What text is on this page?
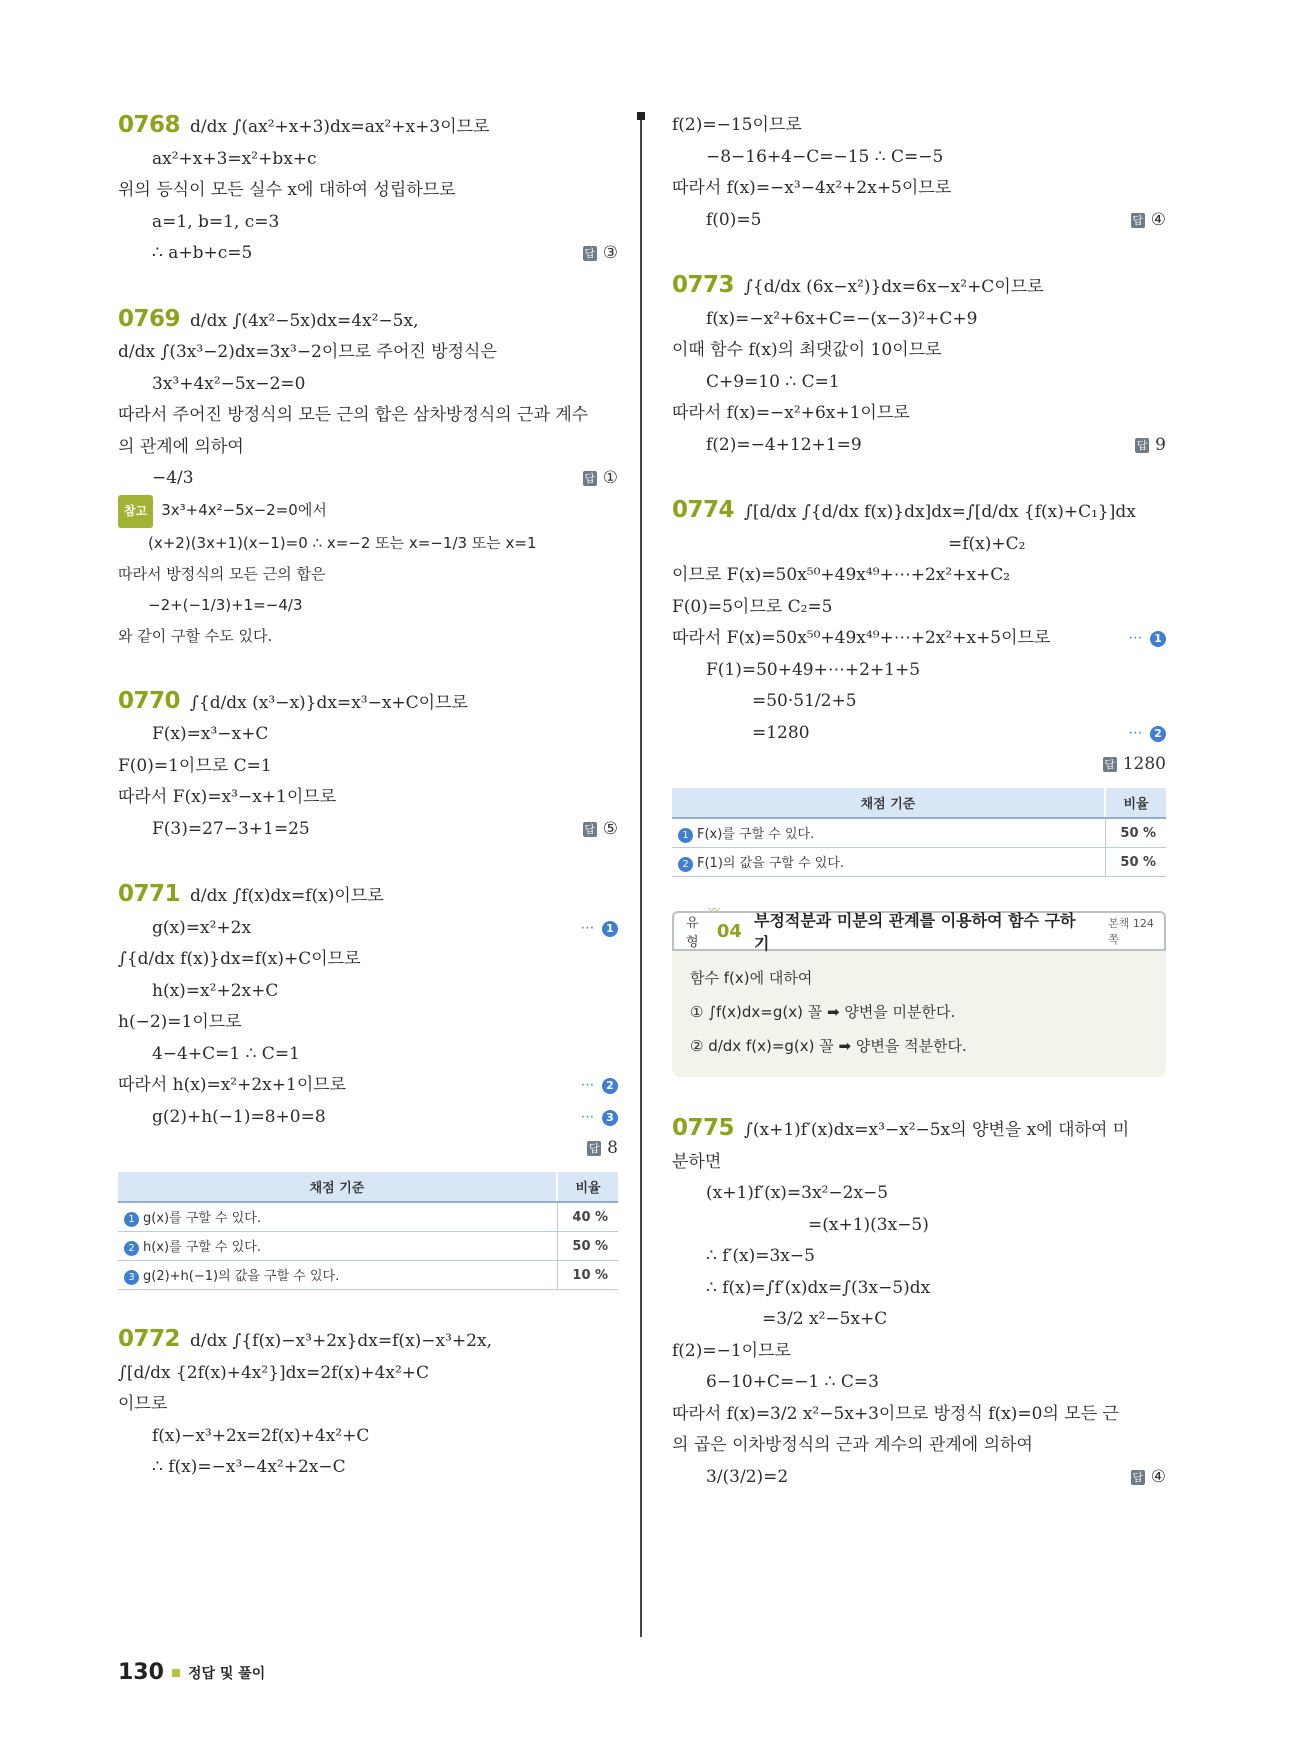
0768 d/dx ∫(ax²+x+3)dx=ax²+x+3이므로
ax²+x+3=x²+bx+c
위의 등식이 모든 실수 x에 대하여 성립하므로
a=1, b=1, c=3
∴ a+b+c=5	답 ③
0769 d/dx ∫(4x²−5x)dx=4x²−5x,
d/dx ∫(3x³−2)dx=3x³−2이므로 주어진 방정식은
3x³+4x²−5x−2=0
따라서 주어진 방정식의 모든 근의 합은 삼차방정식의 근과 계수
의 관계에 의하여
−4/3	답 ①
참고 3x³+4x²−5x−2=0에서
(x+2)(3x+1)(x−1)=0 ∴ x=−2 또는 x=−1/3 또는 x=1
따라서 방정식의 모든 근의 합은
−2+(−1/3)+1=−4/3
와 같이 구할 수도 있다.
0770 ∫{d/dx (x³−x)}dx=x³−x+C이므로
F(x)=x³−x+C
F(0)=1이므로 C=1
따라서 F(x)=x³−x+1이므로
F(3)=27−3+1=25	답 ⑤
0771 d/dx ∫f(x)dx=f(x)이므로
g(x)=x²+2x	⋯ 1
∫{d/dx f(x)}dx=f(x)+C이므로
h(x)=x²+2x+C
h(−2)=1이므로
4−4+C=1 ∴ C=1
따라서 h(x)=x²+2x+1이므로	⋯ 2
g(2)+h(−1)=8+0=8	⋯ 3
답 8
채점 기준	비율
1 g(x)를 구할 수 있다.	40 %
2 h(x)를 구할 수 있다.	50 %
3 g(2)+h(−1)의 값을 구할 수 있다.	10 %
0772 d/dx ∫{f(x)−x³+2x}dx=f(x)−x³+2x,
∫[d/dx {2f(x)+4x²}]dx=2f(x)+4x²+C
이므로
f(x)−x³+2x=2f(x)+4x²+C
∴ f(x)=−x³−4x²+2x−C
f(2)=−15이므로
−8−16+4−C=−15 ∴ C=−5
따라서 f(x)=−x³−4x²+2x+5이므로
f(0)=5	답 ④
0773 ∫{d/dx (6x−x²)}dx=6x−x²+C이므로
f(x)=−x²+6x+C=−(x−3)²+C+9
이때 함수 f(x)의 최댓값이 10이므로
C+9=10 ∴ C=1
따라서 f(x)=−x²+6x+1이므로
f(2)=−4+12+1=9	답 9
0774 ∫[d/dx ∫{d/dx f(x)}dx]dx=∫[d/dx {f(x)+C₁}]dx
=f(x)+C₂
이므로 F(x)=50x⁵⁰+49x⁴⁹+⋯+2x²+x+C₂
F(0)=5이므로 C₂=5
따라서 F(x)=50x⁵⁰+49x⁴⁹+⋯+2x²+x+5이므로	⋯ 1
F(1)=50+49+⋯+2+1+5
=50·51/2+5
=1280	⋯ 2
답 1280
채점 기준	비율
1 F(x)를 구할 수 있다.	50 %
2 F(1)의 값을 구할 수 있다.	50 %
〰
유형
04 부정적분과 미분의 관계를 이용하여 함수 구하기
본책 124쪽
함수 f(x)에 대하여
① ∫f(x)dx=g(x) 꼴 ➡ 양변을 미분한다.
② d/dx f(x)=g(x) 꼴 ➡ 양변을 적분한다.
0775 ∫(x+1)f′(x)dx=x³−x²−5x의 양변을 x에 대하여 미
분하면
(x+1)f′(x)=3x²−2x−5
=(x+1)(3x−5)
∴ f′(x)=3x−5
∴ f(x)=∫f′(x)dx=∫(3x−5)dx
=3/2 x²−5x+C
f(2)=−1이므로
6−10+C=−1 ∴ C=3
따라서 f(x)=3/2 x²−5x+3이므로 방정식 f(x)=0의 모든 근
의 곱은 이차방정식의 근과 계수의 관계에 의하여
3/(3/2)=2	답 ④
130 정답 및 풀이
